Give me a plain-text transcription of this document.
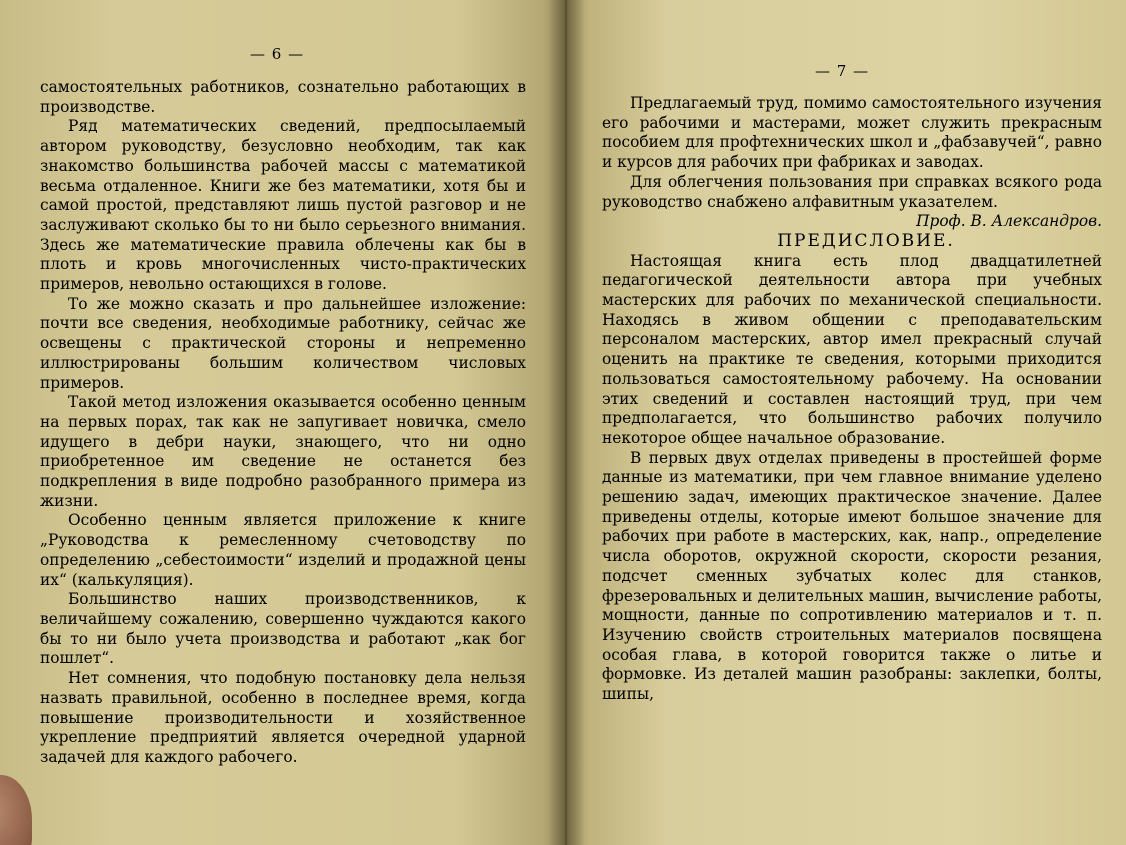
— 6 —
— 7 —

самостоятельных работников, сознательно работающих в производстве.

Ряд математических сведений, предпосылаемый автором руководству, безусловно необходим, так как знакомство большинства рабочей массы с математикой весьма отдаленное. Книги же без математики, хотя бы и самой простой, представляют лишь пустой разговор и не заслуживают сколько бы то ни было серьезного внимания. Здесь же математические правила облечены как бы в плоть и кровь многочисленных чисто-практических примеров, невольно остающихся в голове.

То же можно сказать и про дальнейшее изложение: почти все сведения, необходимые работнику, сейчас же освещены с практической стороны и непременно иллюстрированы большим количеством числовых примеров.

Такой метод изложения оказывается особенно ценным на первых порах, так как не запугивает новичка, смело идущего в дебри науки, знающего, что ни одно приобретенное им сведение не останется без подкрепления в виде подробно разобранного примера из жизни.

Особенно ценным является приложение к книге „Руководства к ремесленному счетоводству по определению „себестоимости“ изделий и продажной цены их“ (калькуляция).

Большинство наших производственников, к величайшему сожалению, совершенно чуждаются какого бы то ни было учета производства и работают „как бог пошлет“.

Нет сомнения, что подобную постановку дела нельзя назвать правильной, особенно в последнее время, когда повышение производительности и хозяйственное укрепление предприятий является очередной ударной задачей для каждого рабочего.

Предлагаемый труд, помимо самостоятельного изучения его рабочими и мастерами, может служить прекрасным пособием для профтехнических школ и „фабзавучей“, равно и курсов для рабочих при фабриках и заводах.

Для облегчения пользования при справках всякого рода руководство снабжено алфавитным указателем.

Проф. В. Александров.

ПРЕДИСЛОВИЕ.

Настоящая книга есть плод двадцатилетней педагогической деятельности автора при учебных мастерских для рабочих по механической специальности. Находясь в живом общении с преподавательским персоналом мастерских, автор имел прекрасный случай оценить на практике те сведения, которыми приходится пользоваться самостоятельному рабочему. На основании этих сведений и составлен настоящий труд, при чем предполагается, что большинство рабочих получило некоторое общее начальное образование.

В первых двух отделах приведены в простейшей форме данные из математики, при чем главное внимание уделено решению задач, имеющих практическое значение. Далее приведены отделы, которые имеют большое значение для рабочих при работе в мастерских, как, напр., определение числа оборотов, окружной скорости, скорости резания, подсчет сменных зубчатых колес для станков, фрезеровальных и делительных машин, вычисление работы, мощности, данные по сопротивлению материалов и т. п. Изучению свойств строительных материалов посвящена особая глава, в которой говорится также о литье и формовке. Из деталей машин разобраны: заклепки, болты, шипы,
